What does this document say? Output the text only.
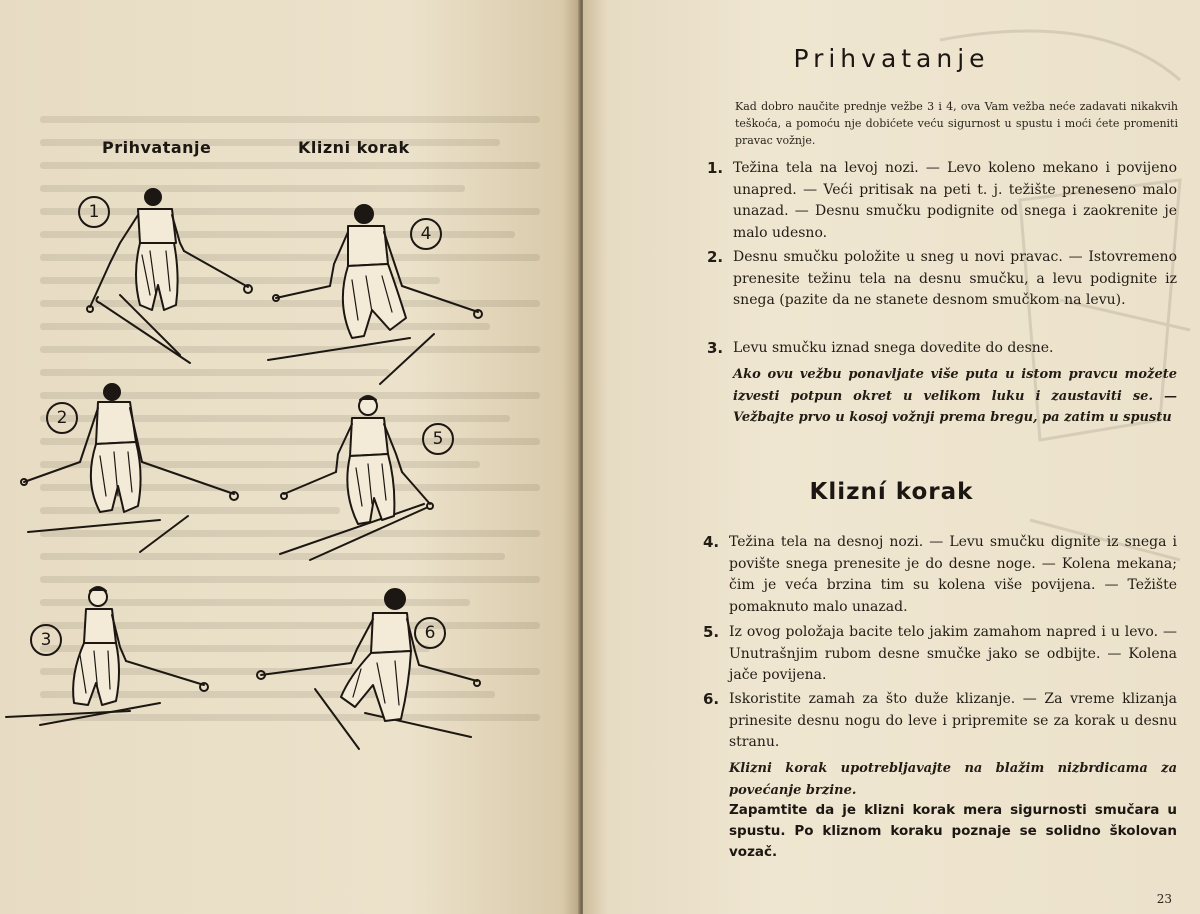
Prihvatanje	Klizni korak
1
2
3
4
5
6
Prihvatanje
Kad dobro naučite prednje vežbe 3 i 4, ova Vam vežba neće zadavati nikakvih teškoća, a pomoću nje dobićete veću sigurnost u spustu i moći ćete promeniti pravac vožnje.
1. Težina tela na levoj nozi. — Levo koleno mekano i povijeno unapred. — Veći pritisak na peti t. j. težište preneseno malo unazad. — Desnu smučku podignite od snega i zaokrenite je malo udesno.
2. Desnu smučku položite u sneg u novi pravac. — Istovremeno prenesite težinu tela na desnu smučku, a levu podignite iz snega (pazite da ne stanete desnom smučkom na levu).
3. Levu smučku iznad snega dovedite do desne.
Ako ovu vežbu ponavljate više puta u istom pravcu možete izvesti potpun okret u velikom luku i zaustaviti se. — Vežbajte prvo u kosoj vožnji prema bregu, pa zatim u spustu
Klizní korak
4. Težina tela na desnoj nozi. — Levu smučku dignite iz snega i povište snega prenesite je do desne noge. — Kolena mekana; čim je veća brzina tim su kolena više povijena. — Težište pomaknuto malo unazad.
5. Iz ovog položaja bacite telo jakim zamahom napred i u levo. — Unutrašnjim rubom desne smučke jako se odbijte. — Kolena jače povijena.
6. Iskoristite zamah za što duže klizanje. — Za vreme klizanja prinesite desnu nogu do leve i pripremite se za korak u desnu stranu.
Klizni korak upotrebljavajte na blažim nizbrdicama za povećanje brzine.
Zapamtite da je klizni korak mera sigurnosti smučara u spustu. Po kliznom koraku poznaje se solidno školovan vozač.
23
